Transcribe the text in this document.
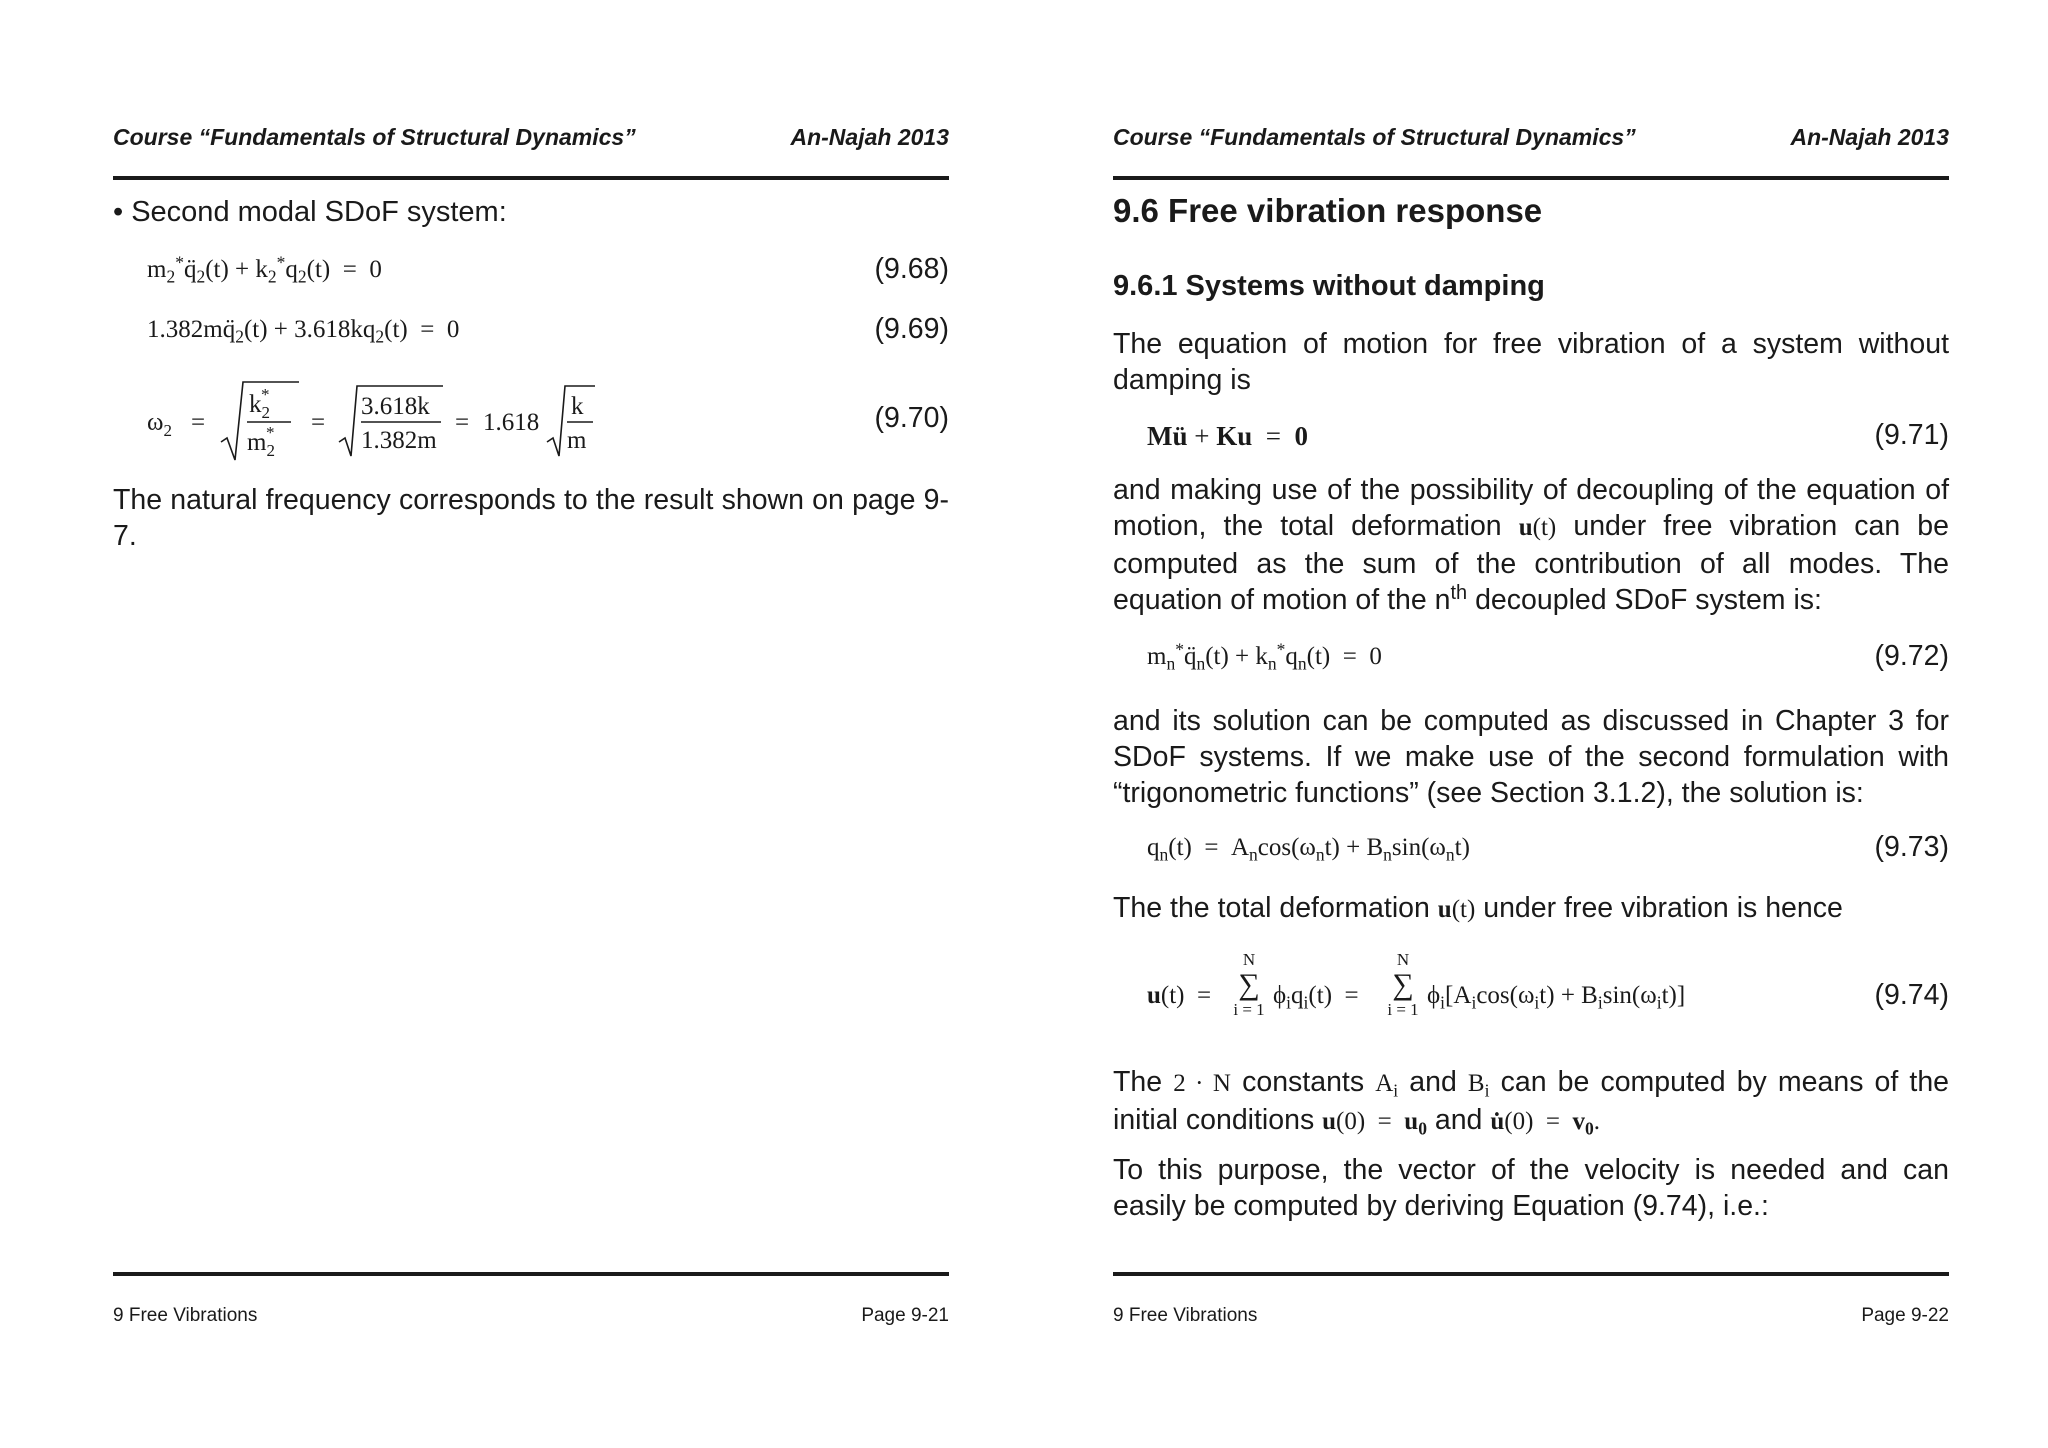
Course “Fundamentals of Structural Dynamics”	An-Najah 2013
• Second modal SDoF system:
$m_2^*q̈_2(t) + k_2^*q_2(t) = 0$	(9.68)
$1.382mq̈_2(t) + 3.618kq_2(t) = 0$	(9.69)
$\omega_2$ =
$k_2*$
$m_2*$ =
3.618k
1.382m
= 1.618
k
m
(9.70)
The natural frequency corresponds to the result shown on page 9-7.
9 Free Vibrations	Page 9-21
Course “Fundamentals of Structural Dynamics”	An-Najah 2013
9.6 Free vibration response
9.6.1 Systems without damping
The equation of motion for free vibration of a system without damping is
Mü + Ku  =  0	(9.71)
and making use of the possibility of decoupling of the equation of motion, the total deformation u(t) under free vibration can be computed as the sum of the contribution of all modes. The equation of motion of the $n^{th}$ decoupled SDoF system is:
$m_n^*q̈_n(t) + k_n^*q_n(t) = 0$	(9.72)
and its solution can be computed as discussed in Chapter 3 for SDoF systems. If we make use of the second formulation with “trigonometric functions” (see Section 3.1.2), the solution is:
$q_n(t) = A_n\cos(\omega_nt) + B_n\sin(\omega_nt)$	(9.73)
The the total deformation u(t) under free vibration is hence
u(t)  =
N
∑
i = 1
$\phi_iq_i(t)$  =
N
∑
i = 1
$\phi_i[A_i\cos(\omega_it) + B_i\sin(\omega_it)]$	(9.74)
The 2 · N constants $A_i$ and $B_i$ can be computed by means of the initial conditions $u(0) = u_0$ and u̇(0)  =  $v_0$.
To this purpose, the vector of the velocity is needed and can easily be computed by deriving Equation (9.74), i.e.:
9 Free Vibrations	Page 9-22
